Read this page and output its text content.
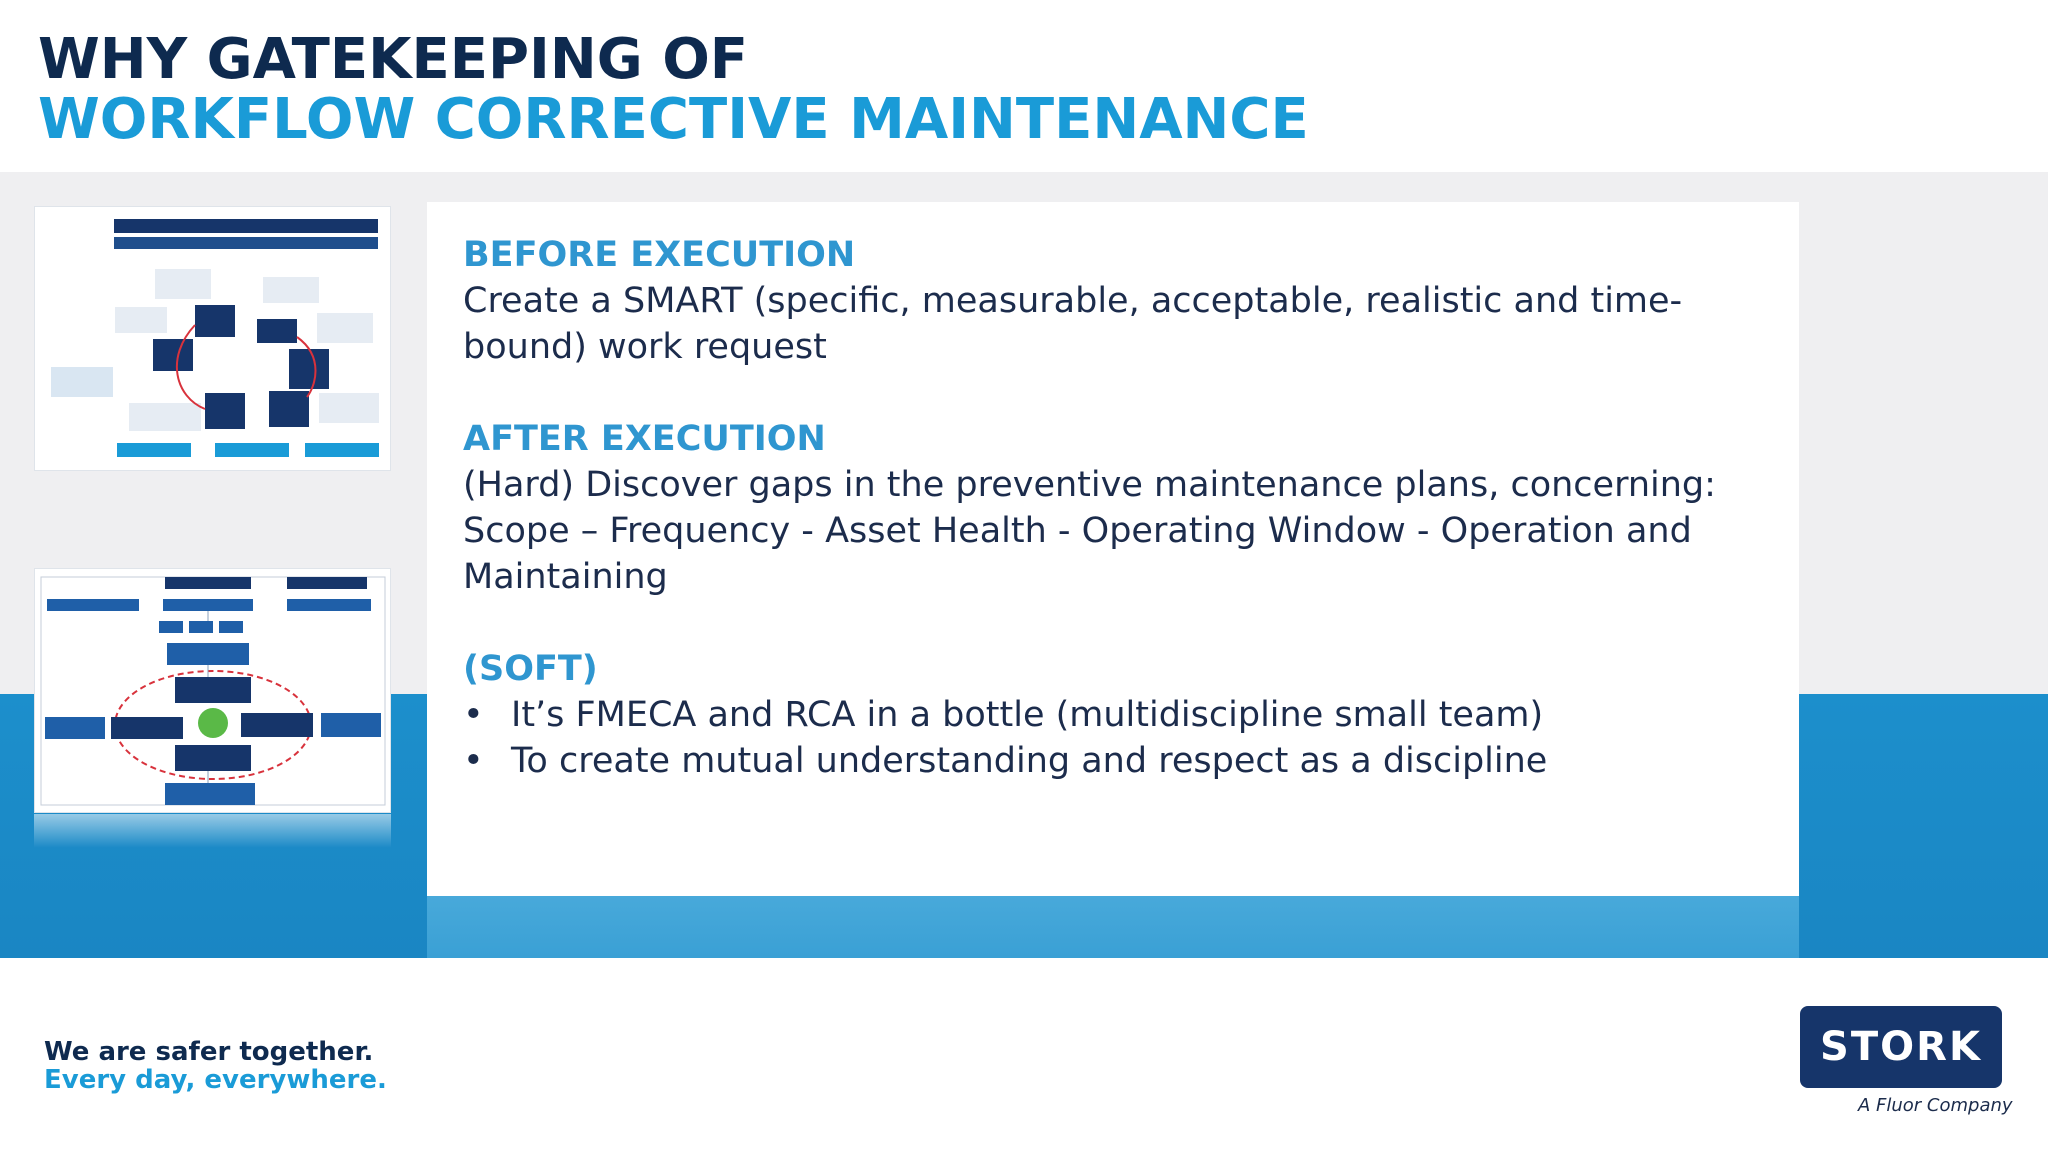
WHY GATEKEEPING OF
WORKFLOW CORRECTIVE MAINTENANCE
BEFORE EXECUTION
Create a SMART (specific, measurable, acceptable, realistic and time-
bound) work request
AFTER EXECUTION
(Hard) Discover gaps in the preventive maintenance plans, concerning:
Scope – Frequency - Asset Health - Operating Window - Operation and
Maintaining
(SOFT)
• It’s FMECA and RCA in a bottle (multidiscipline small team)
• To create mutual understanding and respect as a discipline
We are safer together.
Every day, everywhere.
STORK
A Fluor Company
